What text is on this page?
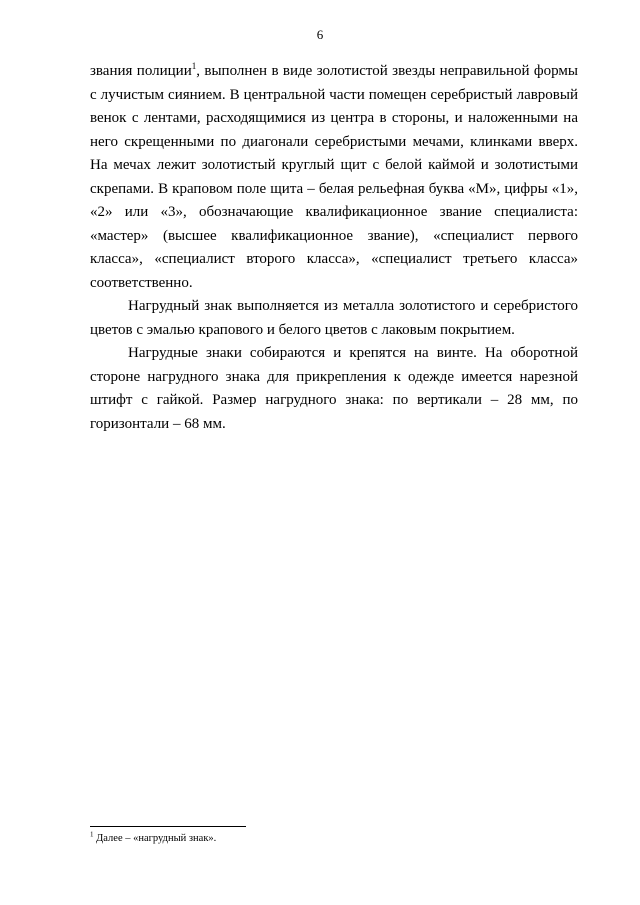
6

звания полиции$^1$, выполнен в виде золотистой звезды неправильной формы с лучистым сиянием. В центральной части помещен серебристый лавровый венок с лентами, расходящимися из центра в стороны, и наложенными на него скрещенными по диагонали серебристыми мечами, клинками вверх. На мечах лежит золотистый круглый щит с белой каймой и золотистыми скрепами. В краповом поле щита – белая рельефная буква «М», цифры «1», «2» или «3», обозначающие квалификационное звание специалиста: «мастер» (высшее квалификационное звание), «специалист первого класса», «специалист второго класса», «специалист третьего класса» соответственно.

Нагрудный знак выполняется из металла золотистого и серебристого цветов с эмалью крапового и белого цветов с лаковым покрытием.

Нагрудные знаки собираются и крепятся на винте. На оборотной стороне нагрудного знака для прикрепления к одежде имеется нарезной штифт с гайкой. Размер нагрудного знака: по вертикали – 28 мм, по горизонтали – 68 мм.

$^1$ Далее – «нагрудный знак».
